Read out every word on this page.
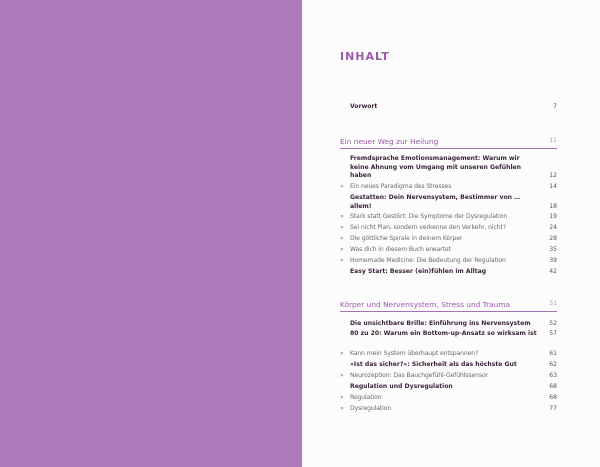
INHALT
Vorwort	7
Ein neuer Weg zur Heilung	11
Fremdsprache Emotionsmanagement: Warum wir keine Ahnung vom Umgang mit unseren Gefühlen haben	12
» Ein neues Paradigma des Stresses	14
Gestatten: Dein Nervensystem, Bestimmer von … allem!	18
» Stark statt Gestört: Die Symptome der Dysregulation	19
» Sei nicht Plan, sondern verkenne den Verkehr, nicht?	24
» Die göttliche Spirale in deinem Körper	28
» Was dich in diesem Buch erwartet	35
» Homemade Medicine: Die Bedeutung der Regulation	39
Easy Start: Besser (ein)fühlen im Alltag	42
Körper und Nervensystem, Stress und Trauma	51
Die unsichtbare Brille: Einführung ins Nervensystem	52
80 zu 20: Warum ein Bottom-up-Ansatz so wirksam ist	57
» Kann mein System überhaupt entspannen?	61
»Ist das sicher?«: Sicherheit als das höchste Gut	62
» Neurozeption: Das Bauchgefühl-Gefühlssensor	63
Regulation und Dysregulation	68
» Regulation	68
» Dysregulation	77
